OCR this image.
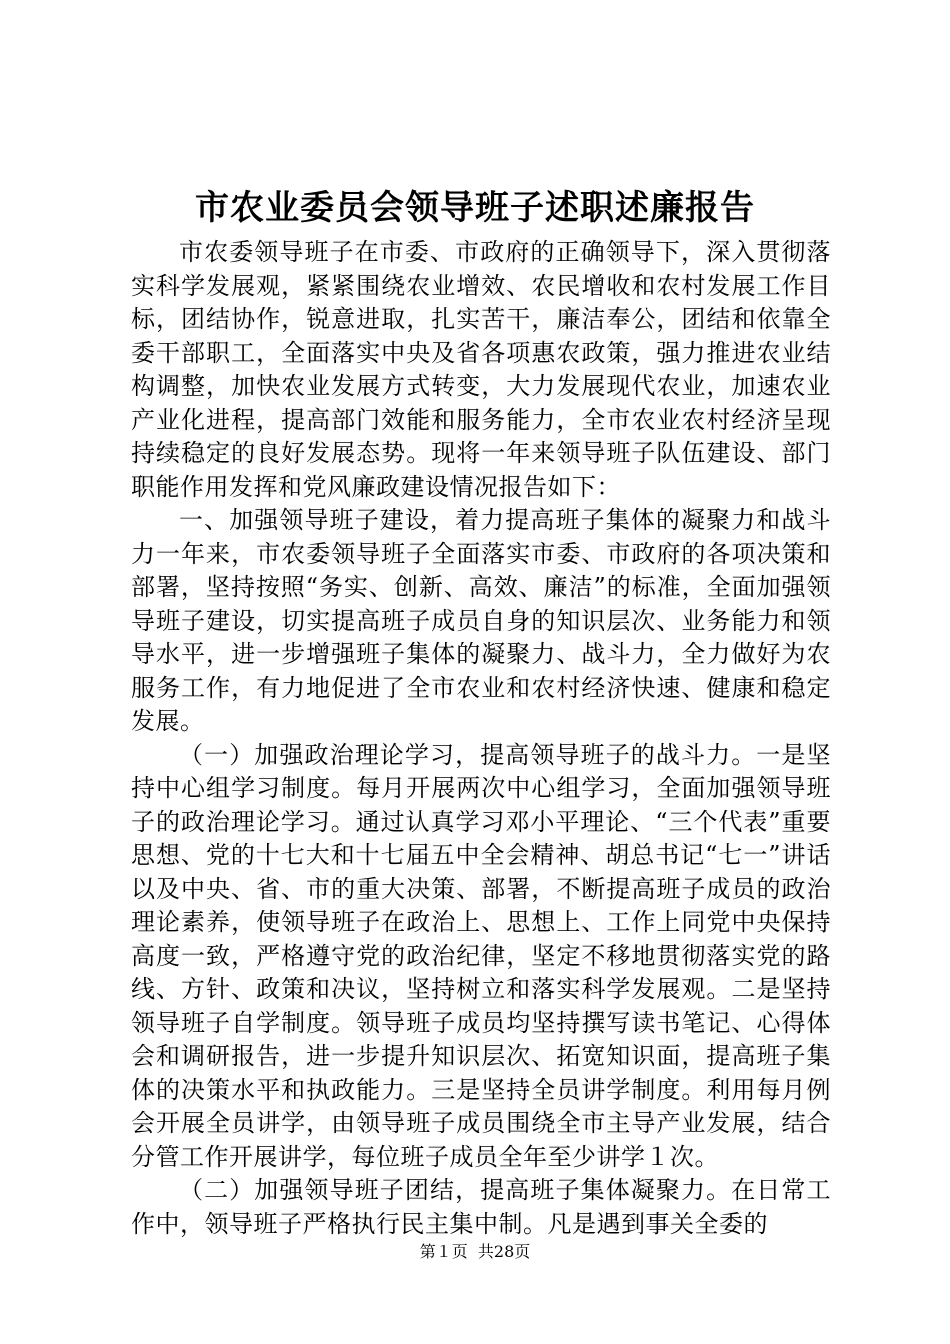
市农业委员会领导班子述职述廉报告

市农委领导班子在市委、市政府的正确领导下，深入贯彻落实科学发展观，紧紧围绕农业增效、农民增收和农村发展工作目标，团结协作，锐意进取，扎实苦干，廉洁奉公，团结和依靠全委干部职工，全面落实中央及省各项惠农政策，强力推进农业结构调整，加快农业发展方式转变，大力发展现代农业，加速农业产业化进程，提高部门效能和服务能力，全市农业农村经济呈现持续稳定的良好发展态势。现将一年来领导班子队伍建设、部门职能作用发挥和党风廉政建设情况报告如下：

一、加强领导班子建设，着力提高班子集体的凝聚力和战斗力一年来，市农委领导班子全面落实市委、市政府的各项决策和部署，坚持按照“务实、创新、高效、廉洁”的标准，全面加强领导班子建设，切实提高班子成员自身的知识层次、业务能力和领导水平，进一步增强班子集体的凝聚力、战斗力，全力做好为农服务工作，有力地促进了全市农业和农村经济快速、健康和稳定发展。

（一）加强政治理论学习，提高领导班子的战斗力。一是坚持中心组学习制度。每月开展两次中心组学习，全面加强领导班子的政治理论学习。通过认真学习邓小平理论、“三个代表”重要思想、党的十七大和十七届五中全会精神、胡总书记“七一”讲话以及中央、省、市的重大决策、部署，不断提高班子成员的政治理论素养，使领导班子在政治上、思想上、工作上同党中央保持高度一致，严格遵守党的政治纪律，坚定不移地贯彻落实党的路线、方针、政策和决议，坚持树立和落实科学发展观。二是坚持领导班子自学制度。领导班子成员均坚持撰写读书笔记、心得体会和调研报告，进一步提升知识层次、拓宽知识面，提高班子集体的决策水平和执政能力。三是坚持全员讲学制度。利用每月例会开展全员讲学，由领导班子成员围绕全市主导产业发展，结合分管工作开展讲学，每位班子成员全年至少讲学１次。

（二）加强领导班子团结，提高班子集体凝聚力。在日常工作中，领导班子严格执行民主集中制。凡是遇到事关全委的

第１页 共28页
